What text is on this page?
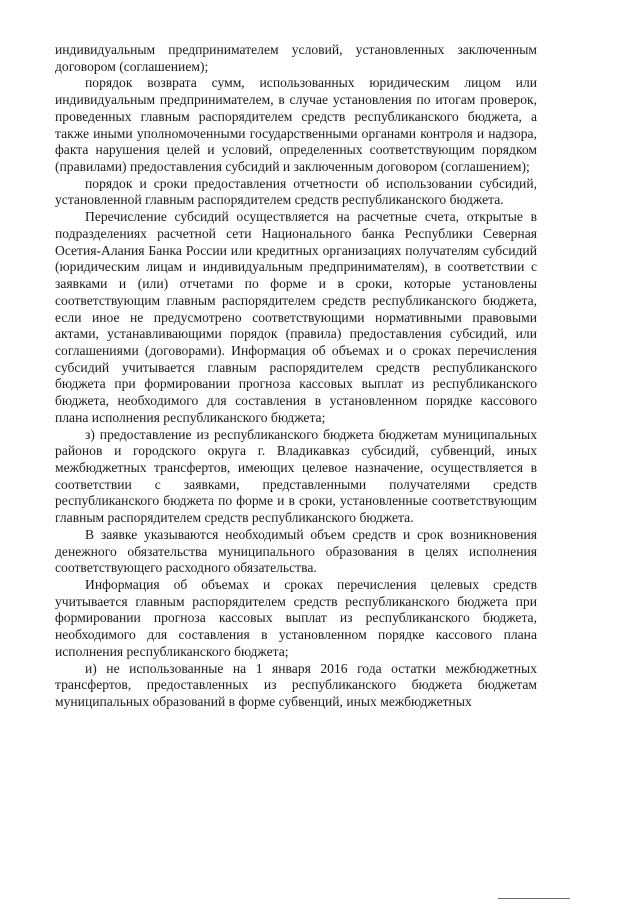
индивидуальным предпринимателем условий, установленных заключенным договором (соглашением);

порядок возврата сумм, использованных юридическим лицом или индивидуальным предпринимателем, в случае установления по итогам проверок, проведенных главным распорядителем средств республиканского бюджета, а также иными уполномоченными государственными органами контроля и надзора, факта нарушения целей и условий, определенных соответствующим порядком (правилами) предоставления субсидий и заключенным договором (соглашением);

порядок и сроки предоставления отчетности об использовании субсидий, установленной главным распорядителем средств республиканского бюджета.

Перечисление субсидий осуществляется на расчетные счета, открытые в подразделениях расчетной сети Национального банка Республики Северная Осетия-Алания Банка России или кредитных организациях получателям субсидий (юридическим лицам и индивидуальным предпринимателям), в соответствии с заявками и (или) отчетами по форме и в сроки, которые установлены соответствующим главным распорядителем средств республиканского бюджета, если иное не предусмотрено соответствующими нормативными правовыми актами, устанавливающими порядок (правила) предоставления субсидий, или соглашениями (договорами). Информация об объемах и о сроках перечисления субсидий учитывается главным распорядителем средств республиканского бюджета при формировании прогноза кассовых выплат из республиканского бюджета, необходимого для составления в установленном порядке кассового плана исполнения республиканского бюджета;

з) предоставление из республиканского бюджета бюджетам муниципальных районов и городского округа г. Владикавказ субсидий, субвенций, иных межбюджетных трансфертов, имеющих целевое назначение, осуществляется в соответствии с заявками, представленными получателями средств республиканского бюджета по форме и в сроки, установленные соответствующим главным распорядителем средств республиканского бюджета.

В заявке указываются необходимый объем средств и срок возникновения денежного обязательства муниципального образования в целях исполнения соответствующего расходного обязательства.

Информация об объемах и сроках перечисления целевых средств учитывается главным распорядителем средств республиканского бюджета при формировании прогноза кассовых выплат из республиканского бюджета, необходимого для составления в установленном порядке кассового плана исполнения республиканского бюджета;

и) не использованные на 1 января 2016 года остатки межбюджетных трансфертов, предоставленных из республиканского бюджета бюджетам муниципальных образований в форме субвенций, иных межбюджетных
